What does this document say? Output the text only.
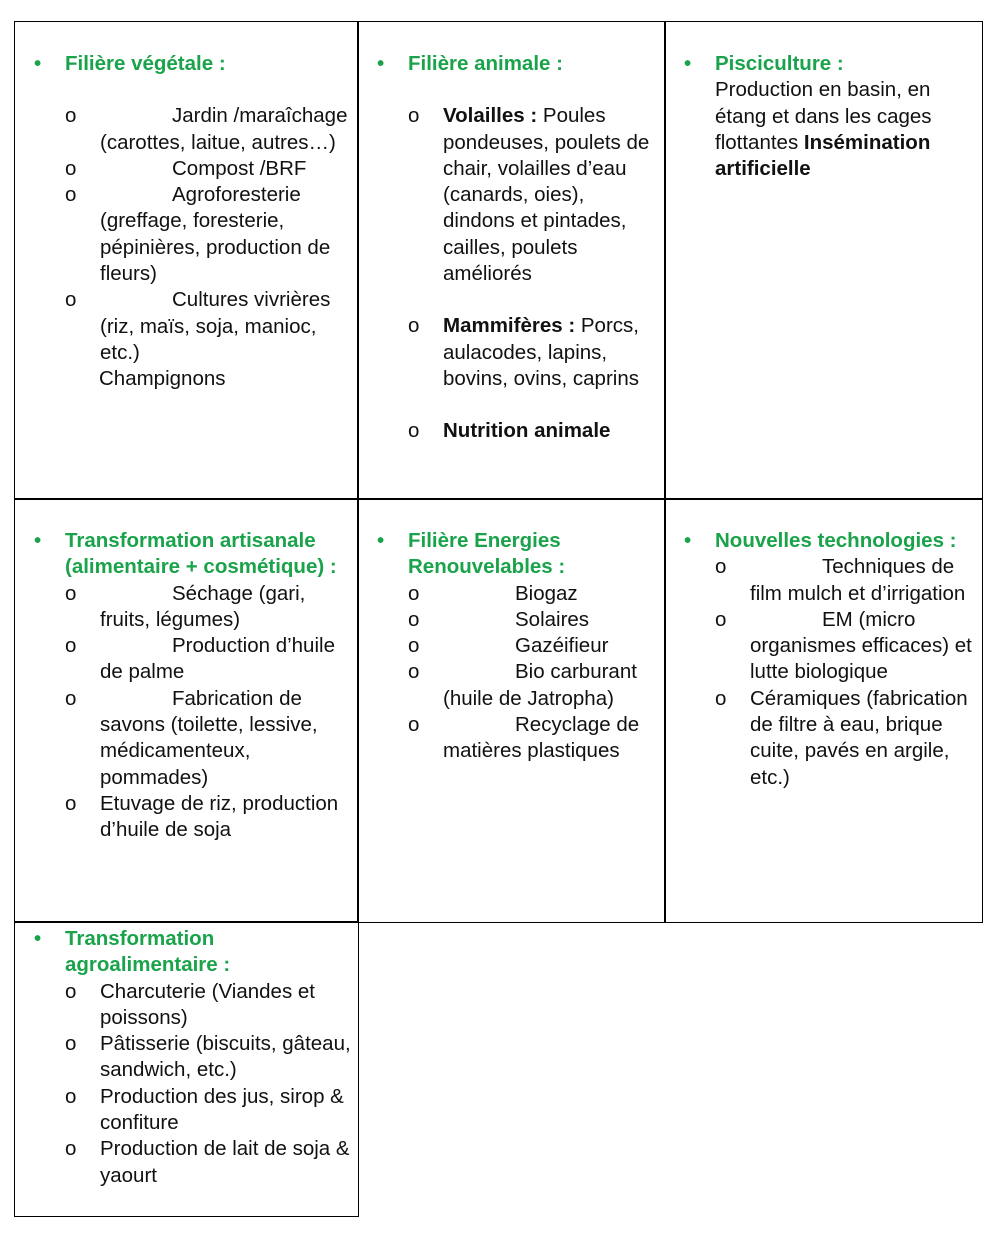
• Filière végétale :
o	Jardin /maraîchage (carottes, laitue, autres…)
o	Compost /BRF
o	Agroforesterie (greffage, foresterie, pépinières, production de fleurs)
o	Cultures vivrières (riz, maïs, soja, manioc, etc.)
Champignons
• Filière animale :
o Volailles : Poules pondeuses, poulets de chair, volailles d’eau (canards, oies), dindons et pintades, cailles, poulets améliorés
o Mammifères : Porcs, aulacodes, lapins, bovins, ovins, caprins
o Nutrition animale
• Pisciculture :
Production en basin, en étang et dans les cages flottantes Insémination artificielle
• Transformation artisanale (alimentaire + cosmétique) :
o	Séchage (gari, fruits, légumes)
o	Production d’huile de palme
o	Fabrication de savons (toilette, lessive, médicamenteux, pommades)
o Etuvage de riz, production d’huile de soja
• Filière Energies Renouvelables :
o	Biogaz
o	Solaires
o	Gazéifieur
o	Bio carburant (huile de Jatropha)
o	Recyclage de matières plastiques
• Nouvelles technologies :
o	Techniques de film mulch et d’irrigation
o	EM (micro organismes efficaces) et lutte biologique
o Céramiques (fabrication de filtre à eau, brique cuite, pavés en argile, etc.)
• Transformation agroalimentaire :
o Charcuterie (Viandes et poissons)
o Pâtisserie (biscuits, gâteau, sandwich, etc.)
o Production des jus, sirop & confiture
o Production de lait de soja & yaourt
